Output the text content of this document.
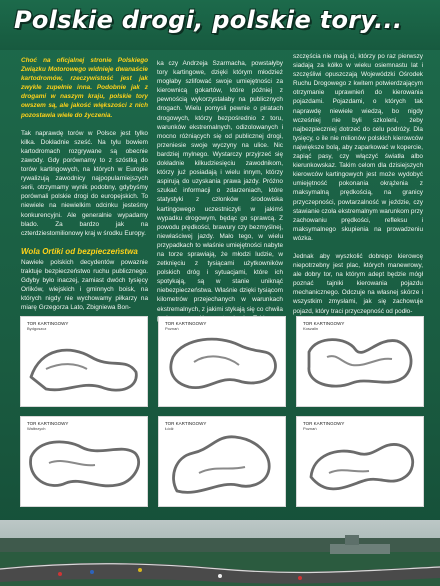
Polskie drogi, polskie tory...

Choć na oficjalnej stronie Polskiego Związku Motorowego widnieje dwanaście kartodromów, rzeczywistość jest jak zwykle zupełnie inna. Podobnie jak z drogami w naszym kraju, polskie tory owszem są, ale jakość większości z nich pozostawia wiele do życzenia.

Tak naprawdę torów w Polsce jest tylko kilka. Dokładnie sześć. Na tylu bowiem kartodromach rozgrywane są obecnie zawody. Gdy porównamy to z szóstką do torów kartingowych, na których w Europie rywalizują zawodnicy najpopularniejszych serii, otrzymamy wynik podobny, gdybyśmy porównali polskie drogi do europejskich. To niewiele na niewielkim odcinku jesteśmy konkurencyjni. Ale generalnie wypadamy blado. Za bardzo jak na czterdziestomilionowy kraj w środku Europy.

Wola Ortiki od bezpieczeństwa

Nawiele polskich decydentów powaznie traktuje bezpieczeństwo ruchu publicznego. Gdyby było inaczej, zamiast dwóch tysięcy Orlików, wiejskich i gminnych boisk, na których nigdy nie wychowamy piłkarzy na miarę Grzegorza Lato, Zbigniewa Bon-

ka czy Andrzeja Szarmacha, powstałyby tory kartingowe, dzięki którym młodzież mogłaby szlifować swoje umiejętności za kierownicą gokartów, które później z pewnością wykorzystałaby na publicznych drogach. Wielu pomysli pewnie o piratach drogowych, którzy bezpośrednio z toru, warunków ekstremalnych, odizolowanych i mocno różniących się od publicznej drogi, przeniesie swoje wyczyny na ulice. Nic bardziej mylnego. Wystarczy przyjrzeć się dokładnie kilkudziesięciu zawodnikom, którzy już posiadają i wielu innym, którzy aspirują do uzyskania prawa jazdy. Próżno szukać informacji o zdarzeniach, które statystyki z członków środowiska kartingowego uczestniczyli w jakimś wypadku drogowym, będąc go sprawcą. Z powodu prędkości, brawury czy bezmyślnej, niewłaściwej jazdy. Mało tego, w wielu przypadkach to właśnie umiejętności nabyte na torze sprawiają, że młodzi ludzie, w zetknięciu z tysiącami użytkowników polskich dróg i sytuacjami, które ich spotykają, są w stanie uniknąć niebezpieczeństwa. Właśnie dzięki tysiącom kilometrów przejechanych w warunkach ekstremalnych, z jakimi stykają się co chwila

szczęścia nie mają ci, którzy po raz pierwszy siadają za kółko w wieku osiemnastu lat i szczęśliwi opuszczają Wojewódzki Ośrodek Ruchu Drogowego z kwitem potwierdzającym otrzymanie uprawnień do kierowania pojazdami. Pojazdami, o których tak naprawdę niewiele wiedzą, bo nigdy wcześniej nie byli szkoleni, żeby najbezpieczniej dotrzeć do celu podróży. Dla tysięcy, o ile nie milionów polskich kierowców największe bolą, aby zaparkować w kopercie, zapiąć pasy, czy włączyć światła albo kierunkowskaz. Takim celom dla dzisiejszych kierowców kartingowych jest może wydobyć umiejętność pokonania okrążenia z maksymalną prędkością, na granicy przyczepności, powtarzalność w jeździe, czy stawianie czoła ekstremalnym warunkom przy zachowaniu prędkości, refleksu i maksymalnego skupienia na prowadzeniu wózka.

Jednak aby wyszkolić dobrego kierowcę niepotrzebny jest plac, których manewrowy, ale dobry tor, na którym adept będzie mógł poznać tajniki kierowania pojazdu mechanicznego. Odczuje na własnej skórze i wszystkim zmysłami, jak się zachowuje pojazd, który traci przyczepność od podło-

TOR KARTINGOWY
Bydgoszcz
TOR KARTINGOWY
Poznań
TOR KARTINGOWY
Koszalin
TOR KARTINGOWY
Wałbrzych
TOR KARTINGOWY
Łódź
TOR KARTINGOWY
Poznań
